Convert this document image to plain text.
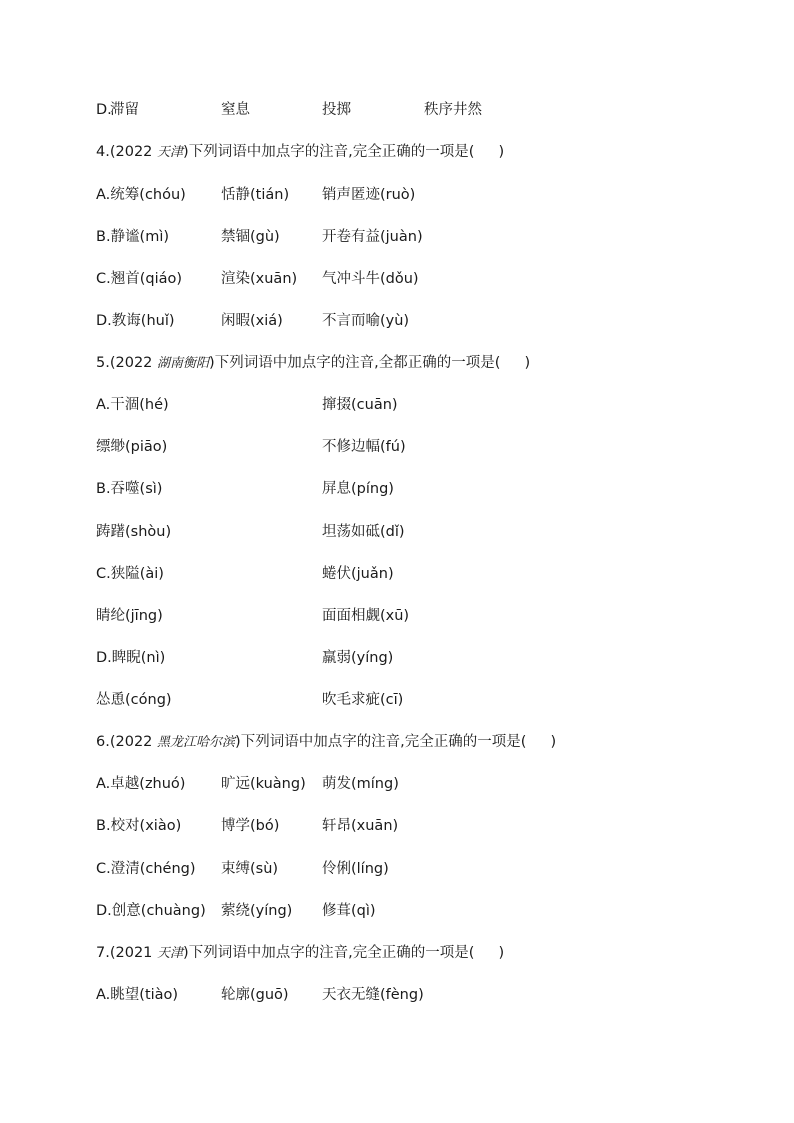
D.
滞留	窒息	投掷	秩序井然
4.(2022 天津)下列词语中加点字的注音,完全正确的一项是( )
A.统筹(chóu) 恬静(tián) 销声匿迹(ruò)
B.静谧(mì)	禁锢(gù)	开卷有益(juàn)
C.翘首(qiáo)	渲染(xuān) 气冲斗牛(dǒu)
D.教诲(huǐ)	闲暇(xiá)	不言而喻(yù)
5.(2022 湖南衡阳)下列词语中加点字的注音,全都正确的一项是( )
A.干涸(hé)	撺掇(cuān)
缥缈(piāo)	不修边幅(fú)
B.吞噬(sì)	屏息(píng)
踌躇(shòu)	坦荡如砥(dǐ)
C.狭隘(ài)	蜷伏(juǎn)
睛纶(jīng)	面面相觑(xū)
D.睥睨(nì)	羸弱(yíng)
怂恿(cóng)	吹毛求疵(cī)
6.(2022 黑龙江哈尔滨)下列词语中加点字的注音,完全正确的一项是( )
A.卓越(zhuó) 旷远(kuàng) 萌发(míng)
B.校对(xiào)	博学(bó)	轩昂(xuān)
C.澄清(chéng) 束缚(sù)	伶俐(líng)
D.创意(chuàng) 萦绕(yíng) 修葺(qì)
7.(2021 天津)下列词语中加点字的注音,完全正确的一项是( )
A.眺望(tiào)	轮廓(guō) 天衣无缝(fèng)
